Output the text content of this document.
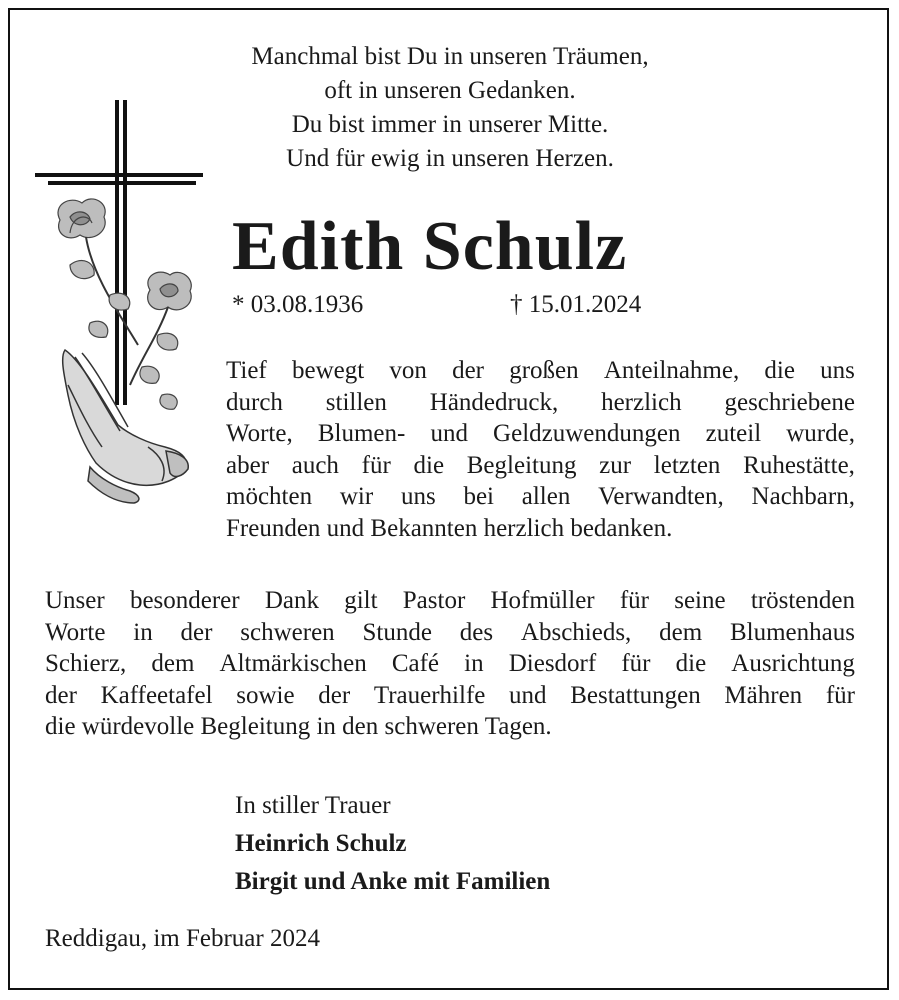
Manchmal bist Du in unseren Träumen,
oft in unseren Gedanken.
Du bist immer in unserer Mitte.
Und für ewig in unseren Herzen.
Edith Schulz
* 03.08.1936	† 15.01.2024
Tief bewegt von der großen Anteilnahme, die uns
durch stillen Händedruck, herzlich geschriebene
Worte, Blumen- und Geldzuwendungen zuteil wurde,
aber auch für die Begleitung zur letzten Ruhestätte,
möchten wir uns bei allen Verwandten, Nachbarn,
Freunden und Bekannten herzlich bedanken.
Unser besonderer Dank gilt Pastor Hofmüller für seine tröstenden
Worte in der schweren Stunde des Abschieds, dem Blumenhaus
Schierz, dem Altmärkischen Café in Diesdorf für die Ausrichtung
der Kaffeetafel sowie der Trauerhilfe und Bestattungen Mähren für
die würdevolle Begleitung in den schweren Tagen.
In stiller Trauer
Heinrich Schulz
Birgit und Anke mit Familien
Reddigau, im Februar 2024
